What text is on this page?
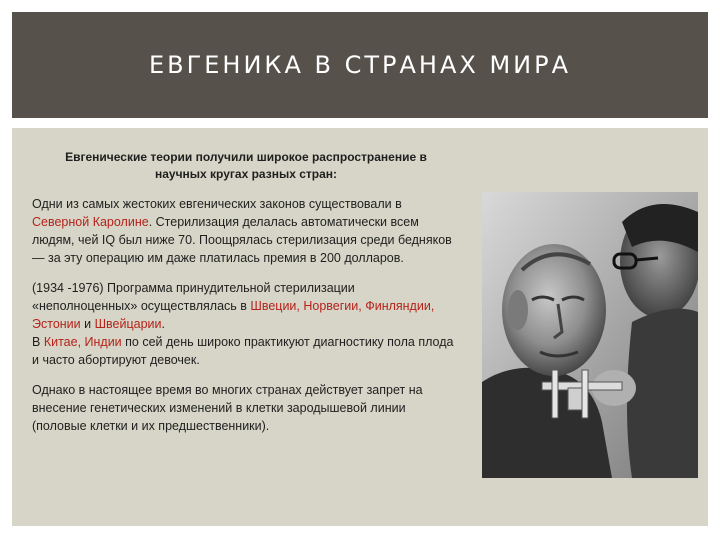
ЕВГЕНИКА В СТРАНАХ МИРА

Евгенические теории получили широкое распространение в научных кругах разных стран:

Одни из самых жестоких евгенических законов существовали в Северной Каролине. Стерилизация делалась автоматически всем людям, чей IQ был ниже 70. Поощрялась стерилизация среди бедняков — за эту операцию им даже платилась премия в 200 долларов.

(1934 -1976) Программа принудительной стерилизации «неполноценных» осуществлялась в Швеции, Норвегии, Финляндии, Эстонии и Швейцарии.
В Китае, Индии по сей день широко практикуют диагностику пола плода и часто абортируют девочек.

Однако в настоящее время во многих странах действует запрет на внесение генетических изменений в клетки зародышевой линии (половые клетки и их предшественники).
